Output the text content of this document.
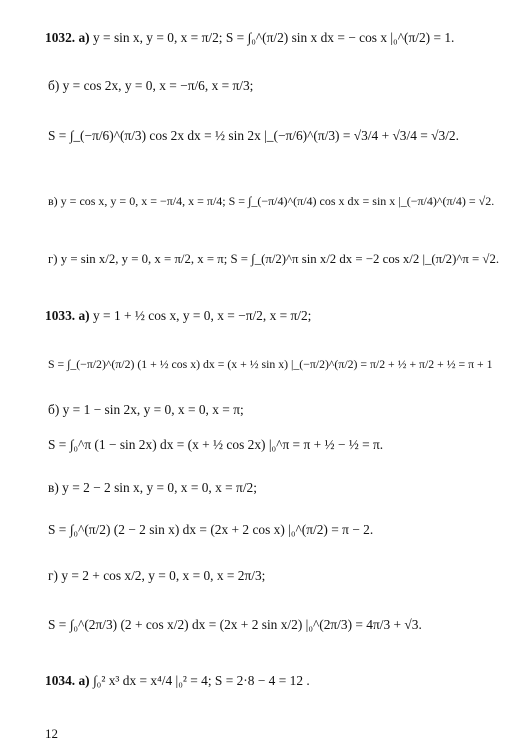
1032. а) y = sin x, y = 0, x = π/2; S = ∫₀^(π/2) sin x dx = − cos x |₀^(π/2) = 1.
б) y = cos 2x, y = 0, x = −π/6, x = π/3;
S = ∫_(−π/6)^(π/3) cos 2x dx = ½ sin 2x |_(−π/6)^(π/3) = √3/4 + √3/4 = √3/2.
в) y = cos x, y = 0, x = −π/4, x = π/4; S = ∫_(−π/4)^(π/4) cos x dx = sin x |_(−π/4)^(π/4) = √2.
г) y = sin x/2, y = 0, x = π/2, x = π; S = ∫_(π/2)^π sin x/2 dx = −2 cos x/2 |_(π/2)^π = √2.
1033. а) y = 1 + ½ cos x, y = 0, x = −π/2, x = π/2;
S = ∫_(−π/2)^(π/2) (1 + ½ cos x) dx = (x + ½ sin x) |_(−π/2)^(π/2) = π/2 + ½ + π/2 + ½ = π + 1
б) y = 1 − sin 2x, y = 0, x = 0, x = π;
S = ∫₀^π (1 − sin 2x) dx = (x + ½ cos 2x) |₀^π = π + ½ − ½ = π.
в) y = 2 − 2 sin x, y = 0, x = 0, x = π/2;
S = ∫₀^(π/2) (2 − 2 sin x) dx = (2x + 2 cos x) |₀^(π/2) = π − 2.
г) y = 2 + cos x/2, y = 0, x = 0, x = 2π/3;
S = ∫₀^(2π/3) (2 + cos x/2) dx = (2x + 2 sin x/2) |₀^(2π/3) = 4π/3 + √3.
1034. а) ∫₀² x³ dx = x⁴/4 |₀² = 4; S = 2·8 − 4 = 12 .
12
